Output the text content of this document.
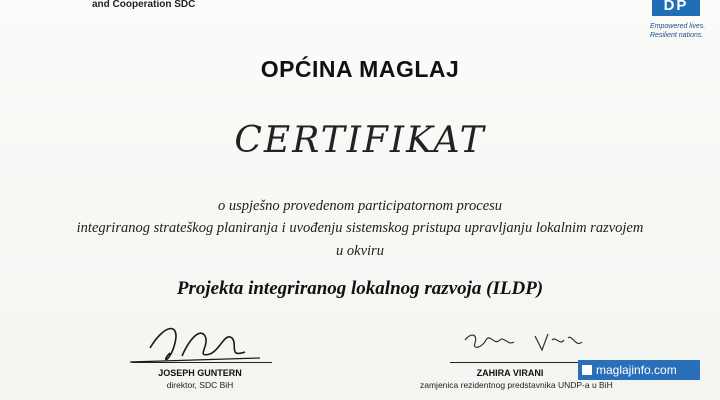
and Cooperation SDC	DP
Empowered lives.
Resilient nations.
OPĆINA MAGLAJ
CERTIFIKAT
o uspješno provedenom participatornom procesu
integriranog strateškog planiranja i uvođenju sistemskog pristupa upravljanju lokalnim razvojem
u okviru
Projekta integriranog lokalnog razvoja (ILDP)
JOSEPH GUNTERN
direktor, SDC BiH
ZAHIRA VIRANI
zamjenica rezidentnog predstavnika UNDP-a u BiH
maglajinfo.com
